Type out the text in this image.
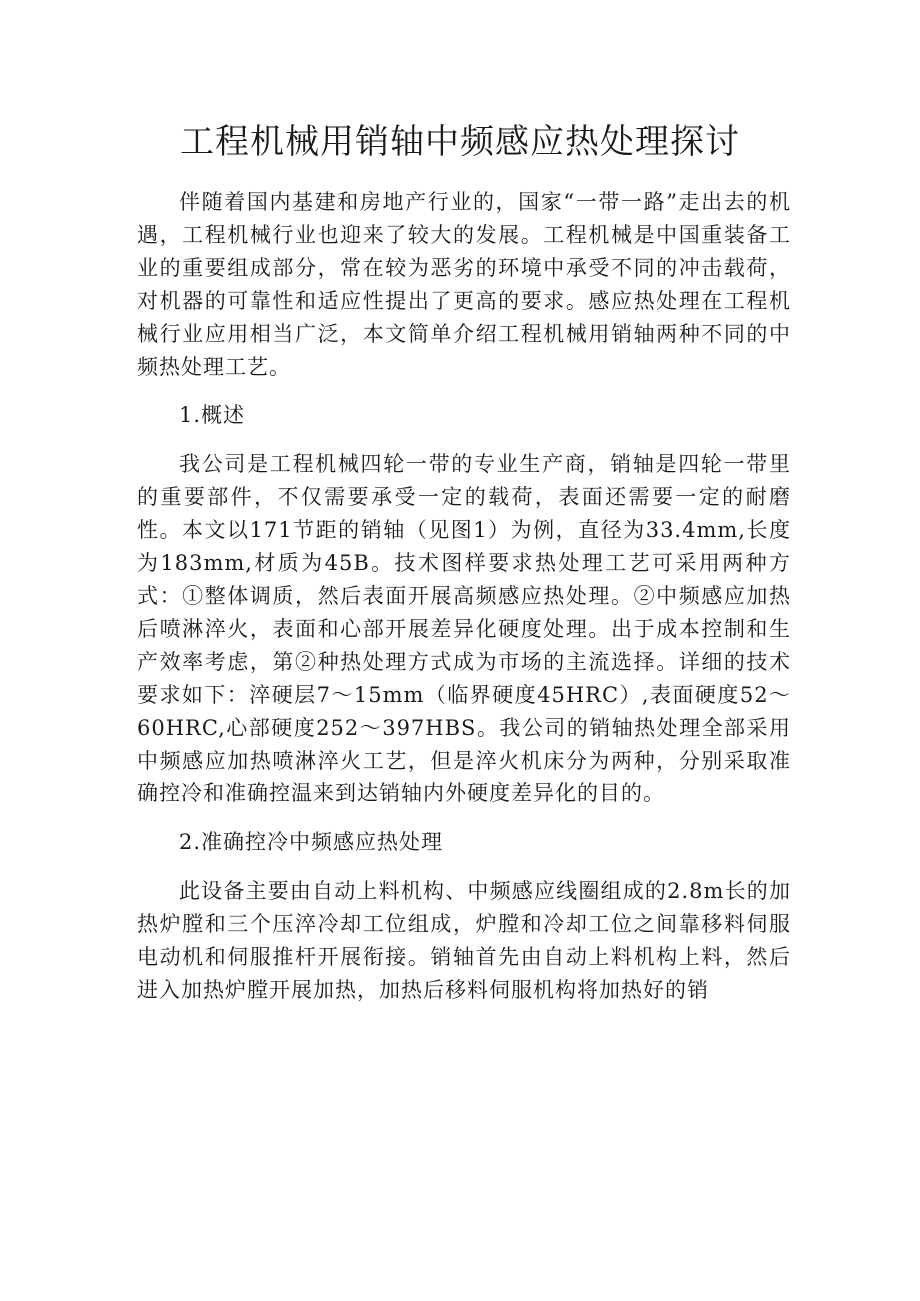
工程机械用销轴中频感应热处理探讨

伴随着国内基建和房地产行业的，国家“一带一路”走出去的机遇，工程机械行业也迎来了较大的发展。工程机械是中国重装备工业的重要组成部分，常在较为恶劣的环境中承受不同的冲击载荷，对机器的可靠性和适应性提出了更高的要求。感应热处理在工程机械行业应用相当广泛，本文简单介绍工程机械用销轴两种不同的中频热处理工艺。

1.概述

我公司是工程机械四轮一带的专业生产商，销轴是四轮一带里的重要部件，不仅需要承受一定的载荷，表面还需要一定的耐磨性。本文以171节距的销轴（见图1）为例，直径为33.4mm,长度为183mm,材质为45B。技术图样要求热处理工艺可采用两种方式：①整体调质，然后表面开展高频感应热处理。②中频感应加热后喷淋淬火，表面和心部开展差异化硬度处理。出于成本控制和生产效率考虑，第②种热处理方式成为市场的主流选择。详细的技术要求如下：淬硬层7～15mm（临界硬度45HRC）,表面硬度52～60HRC,心部硬度252～397HBS。我公司的销轴热处理全部采用中频感应加热喷淋淬火工艺，但是淬火机床分为两种，分别采取准确控冷和准确控温来到达销轴内外硬度差异化的目的。

2.准确控冷中频感应热处理

此设备主要由自动上料机构、中频感应线圈组成的2.8m长的加热炉膛和三个压淬冷却工位组成，炉膛和冷却工位之间靠移料伺服电动机和伺服推杆开展衔接。销轴首先由自动上料机构上料，然后进入加热炉膛开展加热，加热后移料伺服机构将加热好的销
